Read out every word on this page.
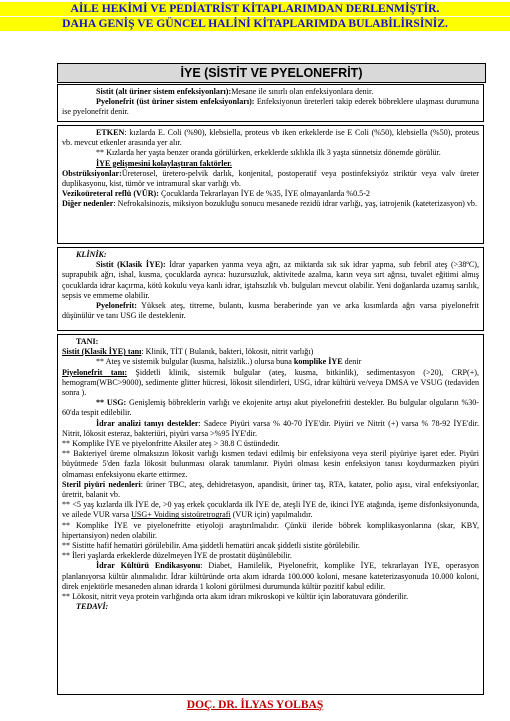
AİLE HEKİMİ VE PEDİATRİST KİTAPLARIMDAN DERLENMİŞTİR.
DAHA GENİŞ VE GÜNCEL HALİNİ KİTAPLARIMDA BULABİLİRSİNİZ.
İYE (SİSTİT VE PYELONEFRİT)

Sistit (alt üriner sistem enfeksiyonları):Mesane ile sınırlı olan enfeksiyonlara denir.

Pyelonefrit (üst üriner sistem enfeksiyonları): Enfeksiyonun üreterleri takip ederek böbreklere ulaşması durumuna ise pyelonefrit denir.

ETKEN: kızlarda E. Coli (%90), klebsiella, proteus vb iken erkeklerde ise E Coli (%50), klebsiella (%50), proteus vb. mevcut etkenler arasında yer alır.

** Kızlarda her yaşta benzer oranda görülürken, erkeklerde sıklıkla ilk 3 yaşta sünnetsiz dönemde görülür.

İYE gelişmesini kolaylaştıran faktörler.

Obstrüksiyonlar:Üreterosel, üretero-pelvik darlık, konjenital, postoperatif veya postinfeksiyöz striktür veya valv üreter duplikasyonu, kist, tümör ve intramural skar varlığı vb.

Vezikoüreteral reflü (VÜR): Çocuklarda Tekrarlayan İYE de %35, İYE olmayanlarda %0.5-2

Diğer nedenler: Nefrokalsinozis, miksiyon bozukluğu sonucu mesanede rezidü idrar varlığı, yaş, iatrojenik (kateterizasyon) vb.

KLİNİK:

Sistit (Klasik İYE): İdrar yaparken yanma veya ağrı, az miktarda sık sık idrar yapma, sub febril ateş (>38ºC), suprapubik ağrı, ishal, kusma, çocuklarda ayrıca: huzursuzluk, aktivitede azalma, karın veya sırt ağrısı, tuvalet eğitimi almış çocuklarda idrar kaçırma, kötü kokulu veya kanlı idrar, iştahsızlık vb. bulguları mevcut olabilir. Yeni doğanlarda uzamış sarılık, sepsis ve emmeme olabilir.

Pyelonefrit: Yüksek ateş, titreme, bulantı, kusma beraberinde yan ve arka kısımlarda ağrı varsa piyelonefrit düşünülür ve tanı USG ile desteklenir.

TANI:

Sistit (Klasik İYE) tanı: Klinik, TİT ( Bulanık, bakteri, lökosit, nitrit varlığı)

** Ateş ve sistemik bulgular (kusma, halsizlik..) olursa buna komplike İYE denir

Piyelonefrit tanı: Şiddetli klinik, sistemik bulgular (ateş, kusma, bitkinlik), sedimentasyon (>20), CRP(+), hemogram(WBC>9000), sedimente glitter hücresi, lökosit silendirleri, USG, idrar kültürü ve/veya DMSA ve VSUG (tedaviden sonra ).

** USG: Genişlemiş böbreklerin varlığı ve ekojenite artışı akut piyelonefriti destekler. Bu bulgular olguların %30-60'da tespit edilebilir.

İdrar analizi tanıyı destekler: Sadece Piyüri varsa % 40-70 İYE'dir. Piyüri ve Nitrit (+) varsa % 78-92 İYE'dir. Nitrit, lökosit esteraz, bakteriüri, piyüri varsa >%95 İYE'dir.

** Komplike İYE ve piyelonfritte Aksiler ateş > 38.8 C üstündedir.

** Bakteriyel üreme olmaksızın lökosit varlığı kısmen tedavi edilmiş bir enfeksiyona veya steril piyüriye işaret eder. Piyüri büyütmede 5'den fazla lökosit bulunması olarak tanımlanır. Piyüri olması kesin enfeksiyon tanısı koydurmazken piyüri olmaması enfeksiyonu ekarte ettirmez.

Steril piyüri nedenleri: üriner TBC, ateş, dehidretasyon, apandisit, üriner taş, RTA, katater, polio aşısı, viral enfeksiyonlar, üretrit, balanit vb.

** <5 yaş kızlarda ilk İYE de, >0 yaş erkek çocuklarda ilk İYE de, ateşli İYE de, ikinci İYE atağında, işeme disfonksiyonunda, ve ailede VUR varsa USG+ Voiding sistoüretrografi (VUR için) yapılmalıdır.

** Komplike İYE ve piyelonefritte etiyoloji araştırılmalıdır. Çünkü ileride böbrek komplikasyonlarına (skar, KBY, hipertansiyon) neden olabilir.

** Sistitte hafif hematüri görülebilir. Ama şiddetli hematüri ancak şiddetli sistite görülebilir.

** İleri yaşlarda erkeklerde düzelmeyen İYE de prostatit düşünülebilir.

İdrar Kültürü Endikasyonu: Diabet, Hamilelik, Piyelonefrit, komplike İYE, tekrarlayan İYE, operasyon planlanıyorsa kültür alınmalıdır. İdrar kültüründe orta akım idrarda 100.000 koloni, mesane kateterizasyonuda 10.000 koloni, direk enjektörle mesaneden alınan idrarda 1 koloni görülmesi durumunda kültür pozitif kabul edilir.

** Lökosit, nitrit veya protein varlığında orta akım idrarı mikroskopi ve kültür için laboratuvara gönderilir.

TEDAVİ:

DOÇ. DR. İLYAS YOLBAŞ
